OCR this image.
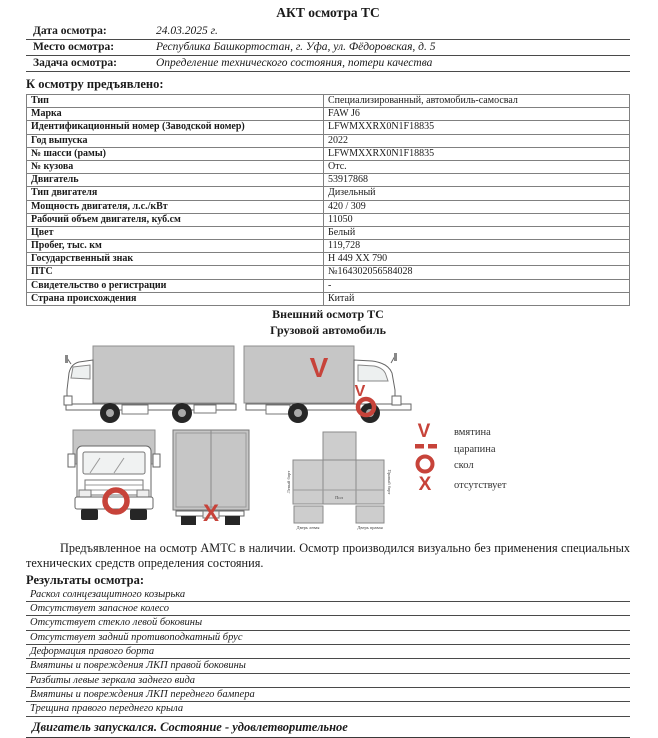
АКТ осмотра ТС
Дата осмотра:	24.03.2025 г.
Место осмотра:	Республика Башкортостан, г. Уфа, ул. Фёдоровская, д. 5
Задача осмотра:	Определение технического состояния, потери качества
К осмотру предъявлено:
Тип	Специализированный, автомобиль-самосвал
Марка	FAW J6
Идентификационный номер (Заводской номер)	LFWMXXRX0N1F18835
Год выпуска	2022
№ шасси (рамы)	LFWMXXRX0N1F18835
№ кузова	Отс.
Двигатель	53917868
Тип двигателя	Дизельный
Мощность двигателя, л.с./кВт	420 / 309
Рабочий объем двигателя, куб.см	11050
Цвет	Белый
Пробег, тыс. км	119,728
Государственный знак	Н 449 ХХ 790
ПТС	№164302056584028
Свидетельство о регистрации	-
Страна происхождения	Китай
Внешний осмотр ТС
Грузовой автомобиль
V
V
X
Левый борт	Правый борт
Пол
Дверь левая	Дверь правая
V
X
вмятина
царапина
скол
отсутствует

Предъявленное на осмотр АМТС в наличии. Осмотр производился визуально без применения специальных технических средств определения состояния.

Результаты осмотра:
Раскол солнцезащитного козырька
Отсутствует запасное колесо
Отсутствует стекло левой боковины
Отсутствует задний противоподкатный брус
Деформация правого борта
Вмятины и повреждения ЛКП правой боковины
Разбиты левые зеркала заднего вида
Вмятины и повреждения ЛКП переднего бампера
Трещина правого переднего крыла
Двигатель запускался. Состояние - удовлетворительное
